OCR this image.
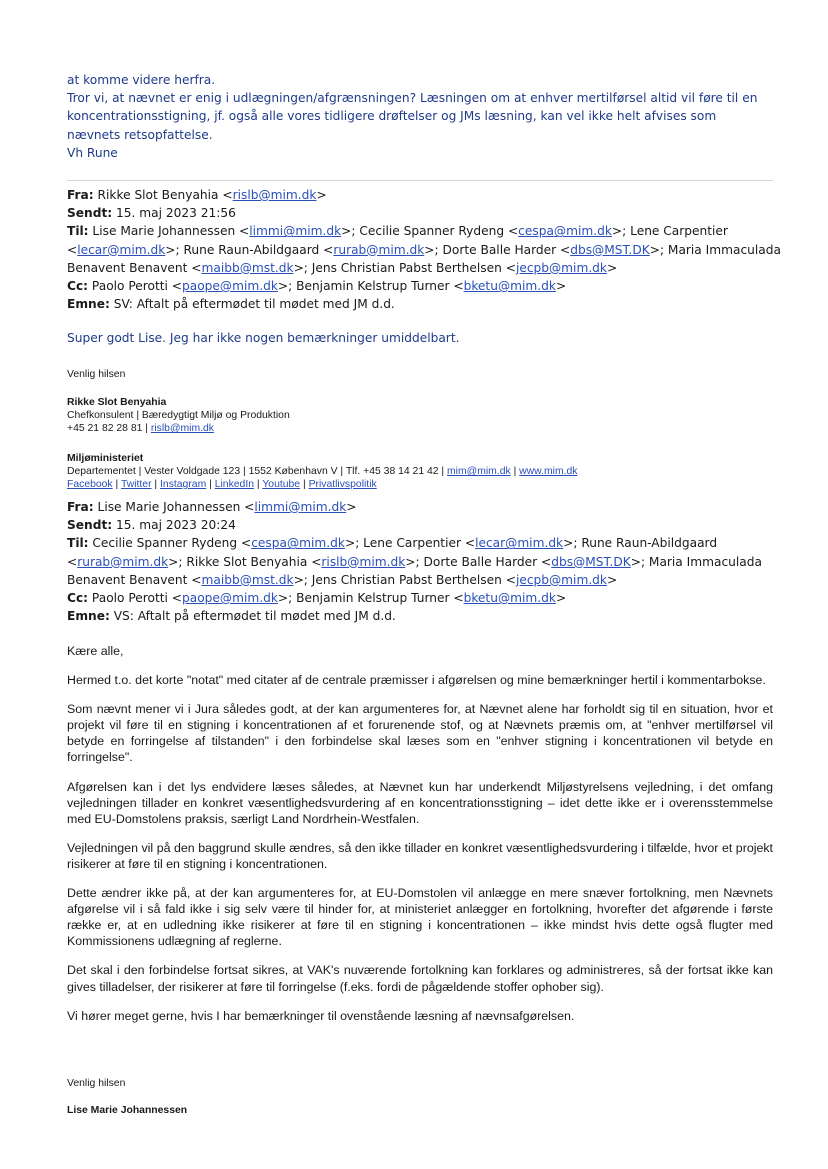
at komme videre herfra.
Tror vi, at nævnet er enig i udlægningen/afgrænsningen? Læsningen om at enhver mertilførsel altid vil føre til en koncentrationsstigning, jf. også alle vores tidligere drøftelser og JMs læsning, kan vel ikke helt afvises som nævnets retsopfattelse.
Vh Rune
Fra: Rikke Slot Benyahia <rislb@mim.dk>
Sendt: 15. maj 2023 21:56
Til: Lise Marie Johannessen <limmi@mim.dk>; Cecilie Spanner Rydeng <cespa@mim.dk>; Lene Carpentier
<lecar@mim.dk>; Rune Raun-Abildgaard <rurab@mim.dk>; Dorte Balle Harder <dbs@MST.DK>; Maria Immaculada
Benavent Benavent <maibb@mst.dk>; Jens Christian Pabst Berthelsen <jecpb@mim.dk>
Cc: Paolo Perotti <paope@mim.dk>; Benjamin Kelstrup Turner <bketu@mim.dk>
Emne: SV: Aftalt på eftermødet til mødet med JM d.d.
Super godt Lise. Jeg har ikke nogen bemærkninger umiddelbart.
Venlig hilsen
Rikke Slot Benyahia
Chefkonsulent | Bæredygtigt Miljø og Produktion
+45 21 82 28 81 | rislb@mim.dk
Miljøministeriet
Departementet | Vester Voldgade 123 | 1552 København V | Tlf. +45 38 14 21 42 | mim@mim.dk | www.mim.dk
Facebook | Twitter | Instagram | LinkedIn | Youtube | Privatlivspolitik
Fra: Lise Marie Johannessen <limmi@mim.dk>
Sendt: 15. maj 2023 20:24
Til: Cecilie Spanner Rydeng <cespa@mim.dk>; Lene Carpentier <lecar@mim.dk>; Rune Raun-Abildgaard
<rurab@mim.dk>; Rikke Slot Benyahia <rislb@mim.dk>; Dorte Balle Harder <dbs@MST.DK>; Maria Immaculada
Benavent Benavent <maibb@mst.dk>; Jens Christian Pabst Berthelsen <jecpb@mim.dk>
Cc: Paolo Perotti <paope@mim.dk>; Benjamin Kelstrup Turner <bketu@mim.dk>
Emne: VS: Aftalt på eftermødet til mødet med JM d.d.

Kære alle,

Hermed t.o. det korte "notat" med citater af de centrale præmisser i afgørelsen og mine bemærkninger hertil i kommentarbokse.

Som nævnt mener vi i Jura således godt, at der kan argumenteres for, at Nævnet alene har forholdt sig til en situation, hvor et projekt vil føre til en stigning i koncentrationen af et forurenende stof, og at Nævnets præmis om, at "enhver mertilførsel vil betyde en forringelse af tilstanden" i den forbindelse skal læses som en "enhver stigning i koncentrationen vil betyde en forringelse".

Afgørelsen kan i det lys endvidere læses således, at Nævnet kun har underkendt Miljøstyrelsens vejledning, i det omfang vejledningen tillader en konkret væsentlighedsvurdering af en koncentrationsstigning – idet dette ikke er i overensstemmelse med EU-Domstolens praksis, særligt Land Nordrhein-Westfalen.

Vejledningen vil på den baggrund skulle ændres, så den ikke tillader en konkret væsentlighedsvurdering i tilfælde, hvor et projekt risikerer at føre til en stigning i koncentrationen.

Dette ændrer ikke på, at der kan argumenteres for, at EU-Domstolen vil anlægge en mere snæver fortolkning, men Nævnets afgørelse vil i så fald ikke i sig selv være til hinder for, at ministeriet anlægger en fortolkning, hvorefter det afgørende i første række er, at en udledning ikke risikerer at føre til en stigning i koncentrationen – ikke mindst hvis dette også flugter med Kommissionens udlægning af reglerne.

Det skal i den forbindelse fortsat sikres, at VAK's nuværende fortolkning kan forklares og administreres, så der fortsat ikke kan gives tilladelser, der risikerer at føre til forringelse (f.eks. fordi de pågældende stoffer ophober sig).

Vi hører meget gerne, hvis I har bemærkninger til ovenstående læsning af nævnsafgørelsen.

Venlig hilsen
Lise Marie Johannessen
